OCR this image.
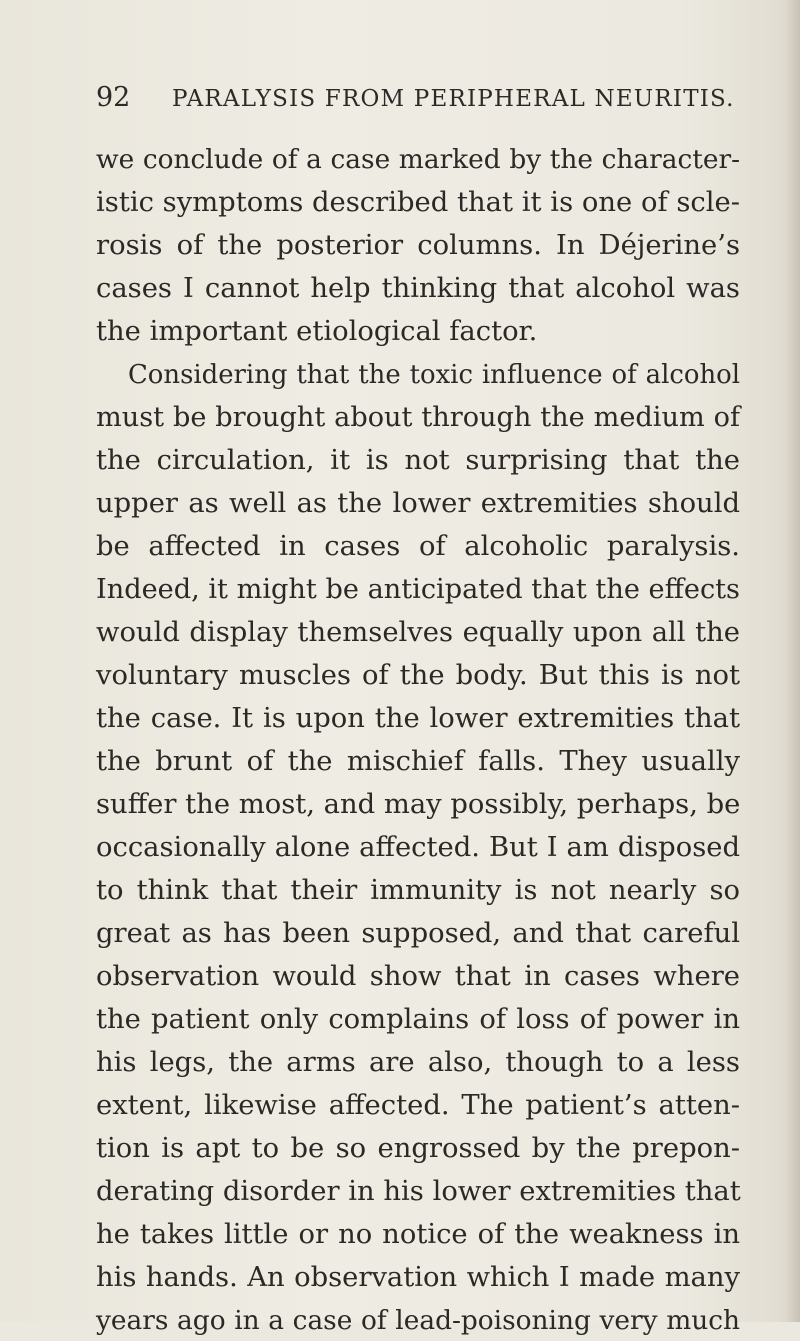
92 PARALYSIS FROM PERIPHERAL NEURITIS.
we conclude of a case marked by the character-
istic symptoms described that it is one of scle-
rosis of the posterior columns. In Déjerine’s
cases I cannot help thinking that alcohol was
the important etiological factor.
Considering that the toxic influence of alcohol
must be brought about through the medium of
the circulation, it is not surprising that the
upper as well as the lower extremities should
be affected in cases of alcoholic paralysis.
Indeed, it might be anticipated that the effects
would display themselves equally upon all the
voluntary muscles of the body. But this is not
the case. It is upon the lower extremities that
the brunt of the mischief falls. They usually
suffer the most, and may possibly, perhaps, be
occasionally alone affected. But I am disposed
to think that their immunity is not nearly so
great as has been supposed, and that careful
observation would show that in cases where
the patient only complains of loss of power in
his legs, the arms are also, though to a less
extent, likewise affected. The patient’s atten-
tion is apt to be so engrossed by the prepon-
derating disorder in his lower extremities that
he takes little or no notice of the weakness in
his hands. An observation which I made many
years ago in a case of lead-poisoning very much
